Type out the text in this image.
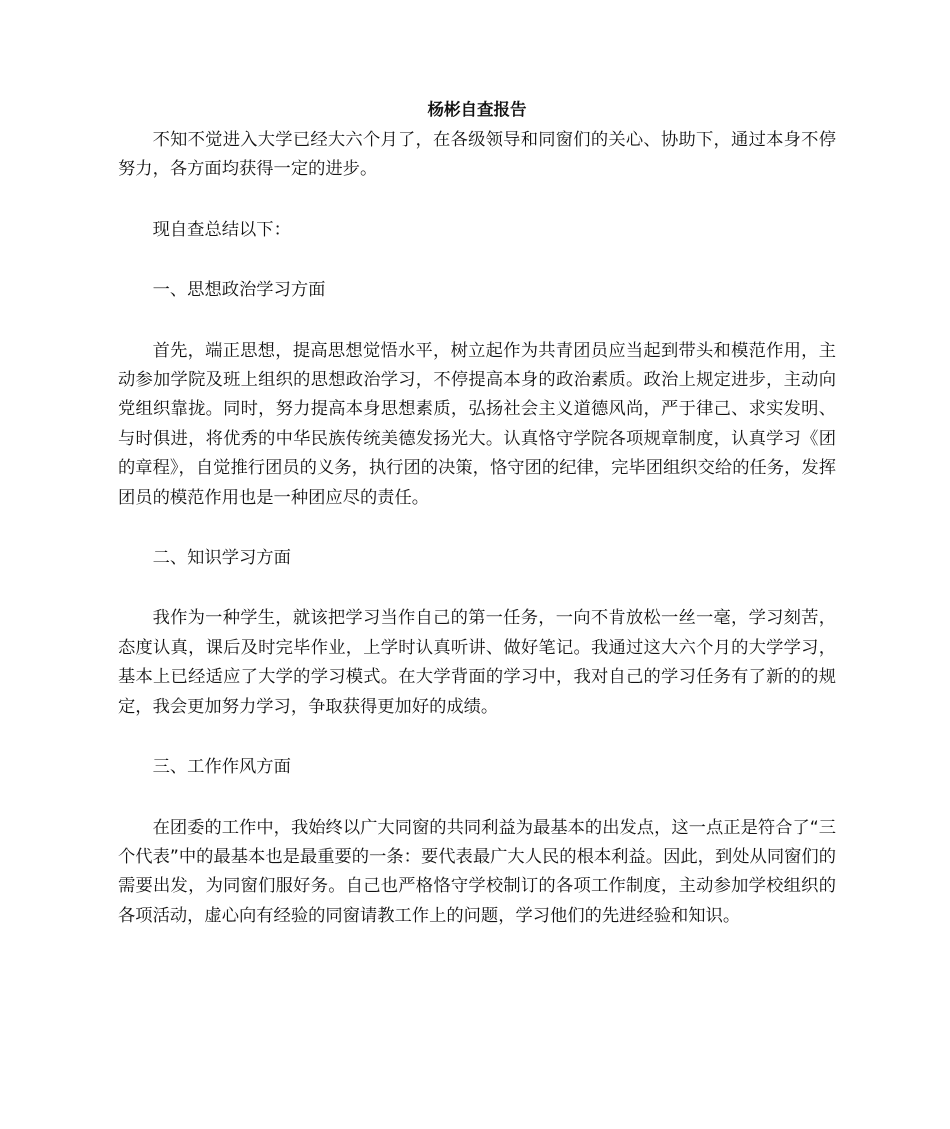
杨彬自查报告

不知不觉进入大学已经大六个月了，在各级领导和同窗们的关心、协助下，通过本身不停努力，各方面均获得一定的进步。

现自查总结以下：

一、思想政治学习方面

首先，端正思想，提高思想觉悟水平，树立起作为共青团员应当起到带头和模范作用，主动参加学院及班上组织的思想政治学习，不停提高本身的政治素质。政治上规定进步，主动向党组织靠拢。同时，努力提高本身思想素质，弘扬社会主义道德风尚，严于律己、求实发明、与时俱进，将优秀的中华民族传统美德发扬光大。认真恪守学院各项规章制度，认真学习《团的章程》，自觉推行团员的义务，执行团的决策，恪守团的纪律，完毕团组织交给的任务，发挥团员的模范作用也是一种团应尽的责任。

二、知识学习方面

我作为一种学生，就该把学习当作自己的第一任务，一向不肯放松一丝一毫，学习刻苦，态度认真，课后及时完毕作业，上学时认真听讲、做好笔记。我通过这大六个月的大学学习，基本上已经适应了大学的学习模式。在大学背面的学习中，我对自己的学习任务有了新的的规定，我会更加努力学习，争取获得更加好的成绩。

三、工作作风方面

在团委的工作中，我始终以广大同窗的共同利益为最基本的出发点，这一点正是符合了“三个代表”中的最基本也是最重要的一条：要代表最广大人民的根本利益。因此，到处从同窗们的需要出发，为同窗们服好务。自己也严格恪守学校制订的各项工作制度，主动参加学校组织的各项活动，虚心向有经验的同窗请教工作上的问题，学习他们的先进经验和知识。
